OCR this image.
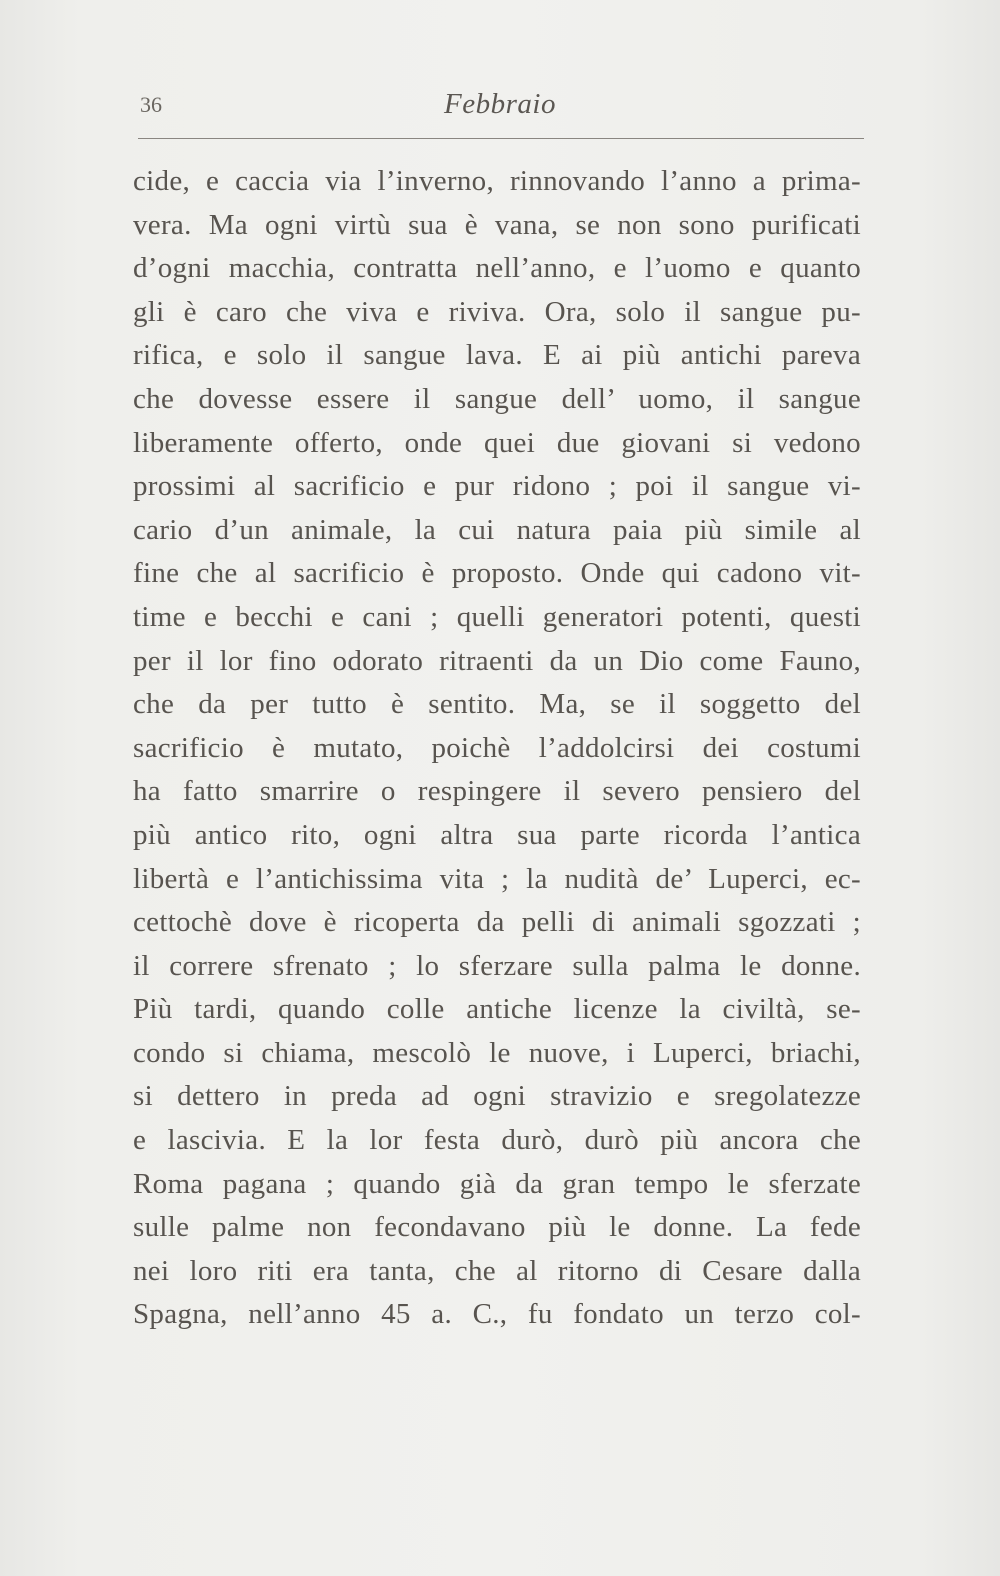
36	Febbraio
cide, e caccia via l’inverno, rinnovando l’anno a prima-
vera. Ma ogni virtù sua è vana, se non sono purificati
d’ogni macchia, contratta nell’anno, e l’uomo e quanto
gli è caro che viva e riviva. Ora, solo il sangue pu-
rifica, e solo il sangue lava. E ai più antichi pareva
che dovesse essere il sangue dell’ uomo, il sangue
liberamente offerto, onde quei due giovani si vedono
prossimi al sacrificio e pur ridono ; poi il sangue vi-
cario d’un animale, la cui natura paia più simile al
fine che al sacrificio è proposto. Onde qui cadono vit-
time e becchi e cani ; quelli generatori potenti, questi
per il lor fino odorato ritraenti da un Dio come Fauno,
che da per tutto è sentito. Ma, se il soggetto del
sacrificio è mutato, poichè l’addolcirsi dei costumi
ha fatto smarrire o respingere il severo pensiero del
più antico rito, ogni altra sua parte ricorda l’antica
libertà e l’antichissima vita ; la nudità de’ Luperci, ec-
cettochè dove è ricoperta da pelli di animali sgozzati ;
il correre sfrenato ; lo sferzare sulla palma le donne.
Più tardi, quando colle antiche licenze la civiltà, se-
condo si chiama, mescolò le nuove, i Luperci, briachi,
si dettero in preda ad ogni stravizio e sregolatezze
e lascivia. E la lor festa durò, durò più ancora che
Roma pagana ; quando già da gran tempo le sferzate
sulle palme non fecondavano più le donne. La fede
nei loro riti era tanta, che al ritorno di Cesare dalla
Spagna, nell’anno 45 a. C., fu fondato un terzo col-
